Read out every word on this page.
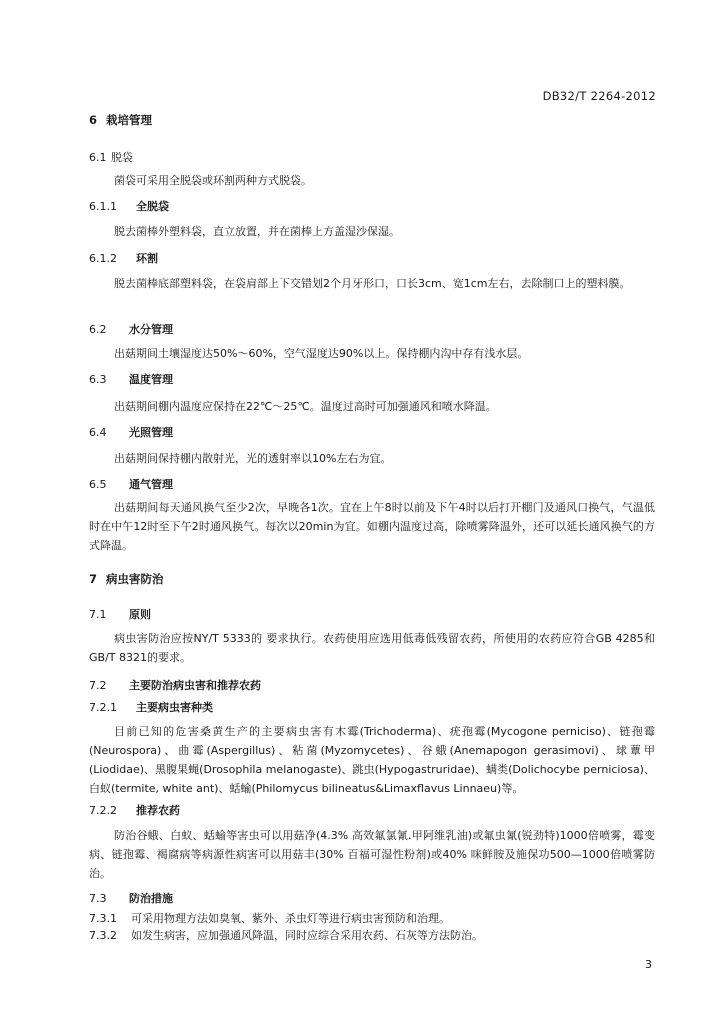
DB32/T 2264-2012
6 栽培管理
6.1 脱袋
菌袋可采用全脱袋或环割两种方式脱袋。
6.1.1 全脱袋
脱去菌棒外塑料袋，直立放置，并在菌棒上方盖湿沙保湿。
6.1.2 环割
脱去菌棒底部塑料袋，在袋肩部上下交错划2个月牙形口，口长3cm、宽1cm左右，去除制口上的塑料膜。
6.2 水分管理
出菇期间土壤湿度达50%～60%，空气湿度达90%以上。保持棚内沟中存有浅水层。
6.3 温度管理
出菇期间棚内温度应保持在22℃～25℃。温度过高时可加强通风和喷水降温。
6.4 光照管理
出菇期间保持棚内散射光，光的透射率以10%左右为宜。
6.5 通气管理
出菇期间每天通风换气至少2次，早晚各1次。宜在上午8时以前及下午4时以后打开棚门及通风口换气，气温低时在中午12时至下午2时通风换气。每次以20min为宜。如棚内温度过高，除喷雾降温外，还可以延长通风换气的方式降温。
7 病虫害防治
7.1 原则
病虫害防治应按NY/T 5333的 要求执行。农药使用应选用低毒低残留农药，所使用的农药应符合GB 4285和GB/T 8321的要求。
7.2 主要防治病虫害和推荐农药
7.2.1 主要病虫害种类
目前已知的危害桑黄生产的主要病虫害有木霉(Trichoderma)、疣孢霉(Mycogone perniciso)、链孢霉(Neurospora)、曲霉(Aspergillus)、粘菌(Myzomycetes)、谷蛾(Anemapogon gerasimovi)、球蕈甲(Liodidae)、黑腹果蝇(Drosophila melanogaste)、跳虫(Hypogastruridae)、螨类(Dolichocybe perniciosa)、白蚁(termite, white ant)、蛞蝓(Philomycus bilineatus&Limaxflavus Linnaeu)等。
7.2.2 推荐农药
防治谷蛾、白蚁、蛞蝓等害虫可以用菇净(4.3% 高效氟氯氰.甲阿维乳油)或氟虫氰(锐劲特)1000倍喷雾，霉变病、链孢霉、褐腐病等病源性病害可以用菇丰(30% 百福可湿性粉剂)或40% 咪鲜胺及施保功500—1000倍喷雾防治。
7.3 防治措施
7.3.1 可采用物理方法如臭氧、紫外、杀虫灯等进行病虫害预防和治理。
7.3.2 如发生病害，应加强通风降温，同时应综合采用农药、石灰等方法防治。
3
